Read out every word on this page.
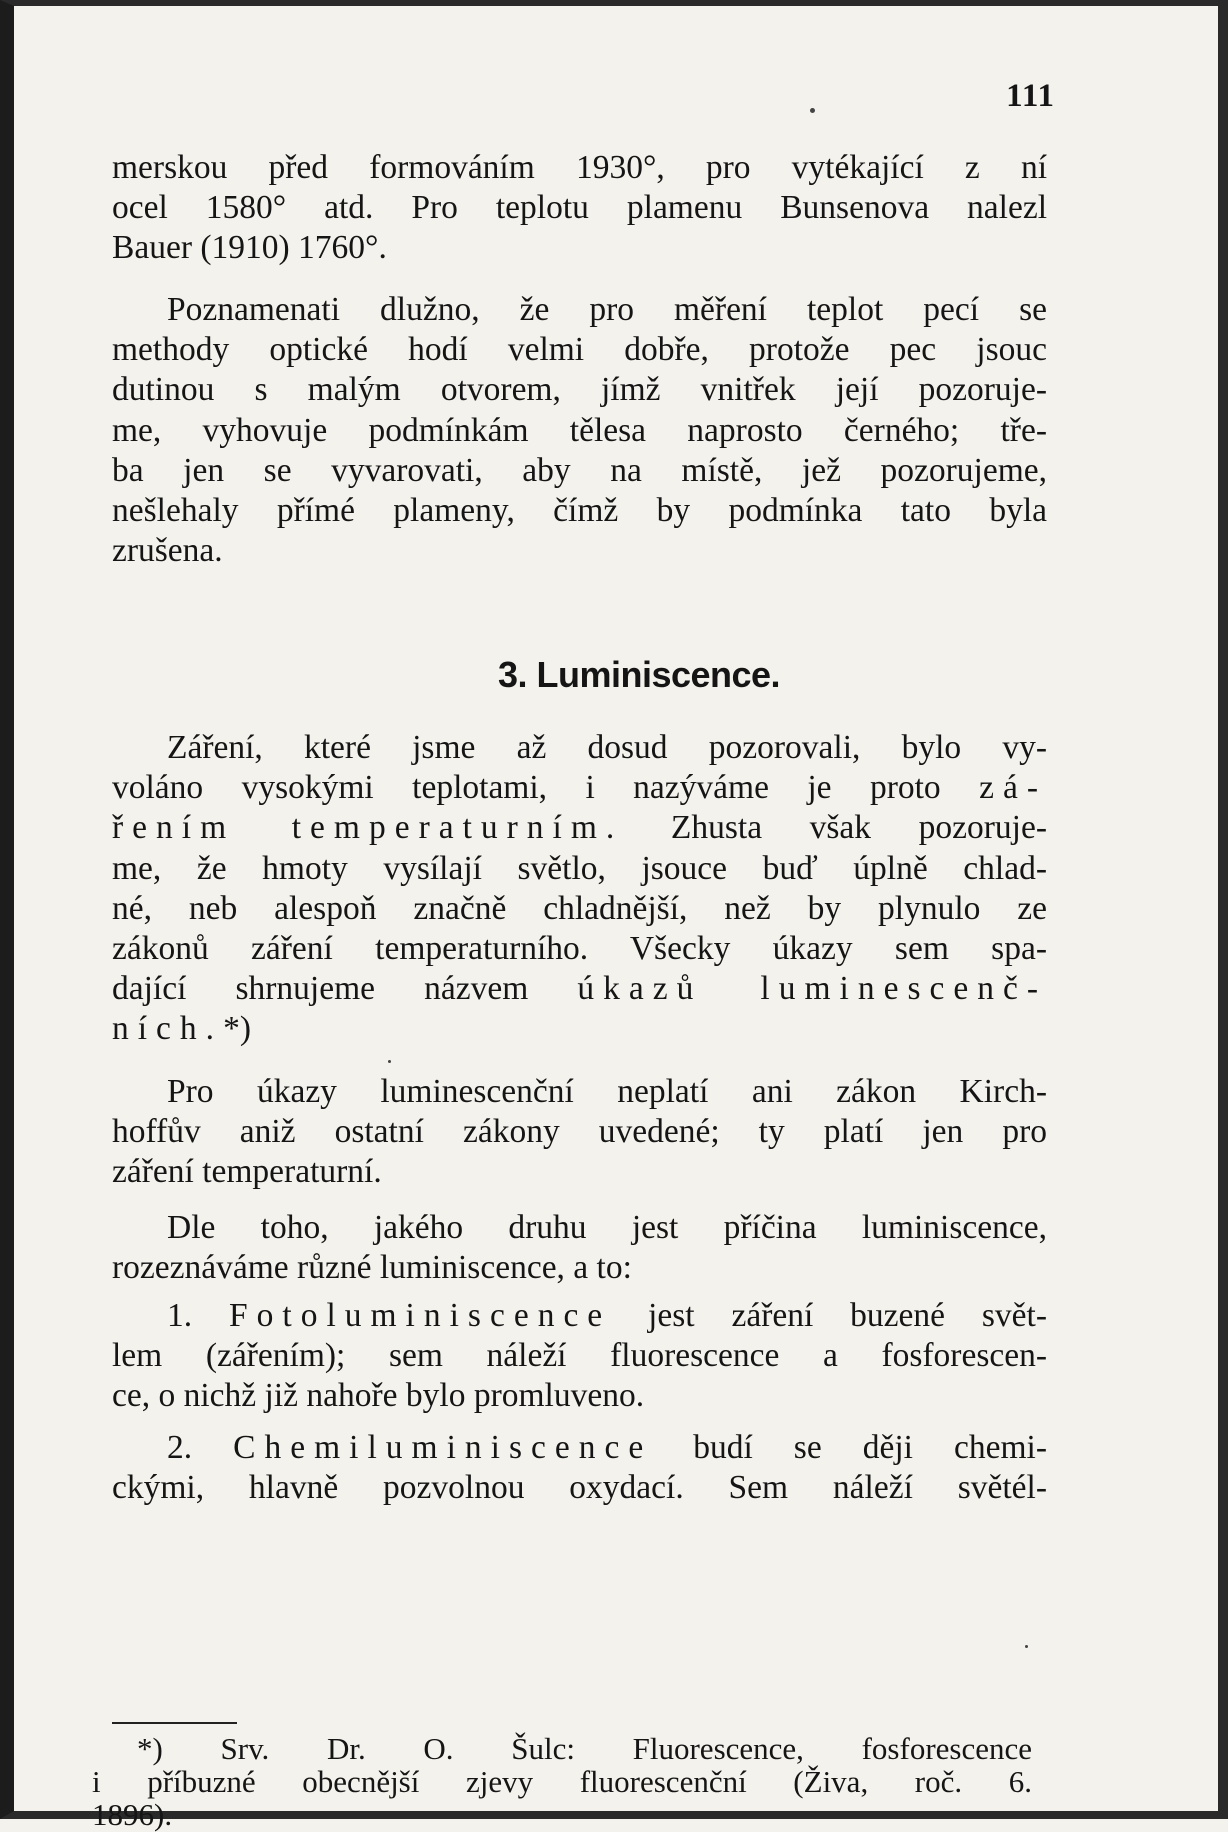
111
merskou před formováním 1930°, pro vytékající z ní
ocel 1580° atd. Pro teplotu plamenu Bunsenova nalezl
Bauer (1910) 1760°.
Poznamenati dlužno, že pro měření teplot pecí se
methody optické hodí velmi dobře, protože pec jsouc
dutinou s malým otvorem, jímž vnitřek její pozoruje-
me, vyhovuje podmínkám tělesa naprosto černého; tře-
ba jen se vyvarovati, aby na místě, jež pozorujeme,
nešlehaly přímé plameny, čímž by podmínka tato byla
zrušena.
3. Luminiscence.
Záření, které jsme až dosud pozorovali, bylo vy-
voláno vysokými teplotami, i nazýváme je proto zá-
řením temperaturním. Zhusta však pozoruje-
me, že hmoty vysílají světlo, jsouce buď úplně chlad-
né, neb alespoň značně chladnější, než by plynulo ze
zákonů záření temperaturního. Všecky úkazy sem spa-
dající shrnujeme názvem úkazů luminescenč-
ních.*)
Pro úkazy luminescenční neplatí ani zákon Kirch-
hoffův aniž ostatní zákony uvedené; ty platí jen pro
záření temperaturní.
Dle toho, jakého druhu jest příčina luminiscence,
rozeznáváme různé luminiscence, a to:
1. Fotoluminiscence jest záření buzené svět-
lem (zářením); sem náleží fluorescence a fosforescen-
ce, o nichž již nahoře bylo promluveno.
2. Chemiluminiscence budí se ději chemi-
ckými, hlavně pozvolnou oxydací. Sem náleží světél-
*) Srv. Dr. O. Šulc: Fluorescence, fosforescence
i příbuzné obecnější zjevy fluorescenční (Živa, roč. 6.
1896).
